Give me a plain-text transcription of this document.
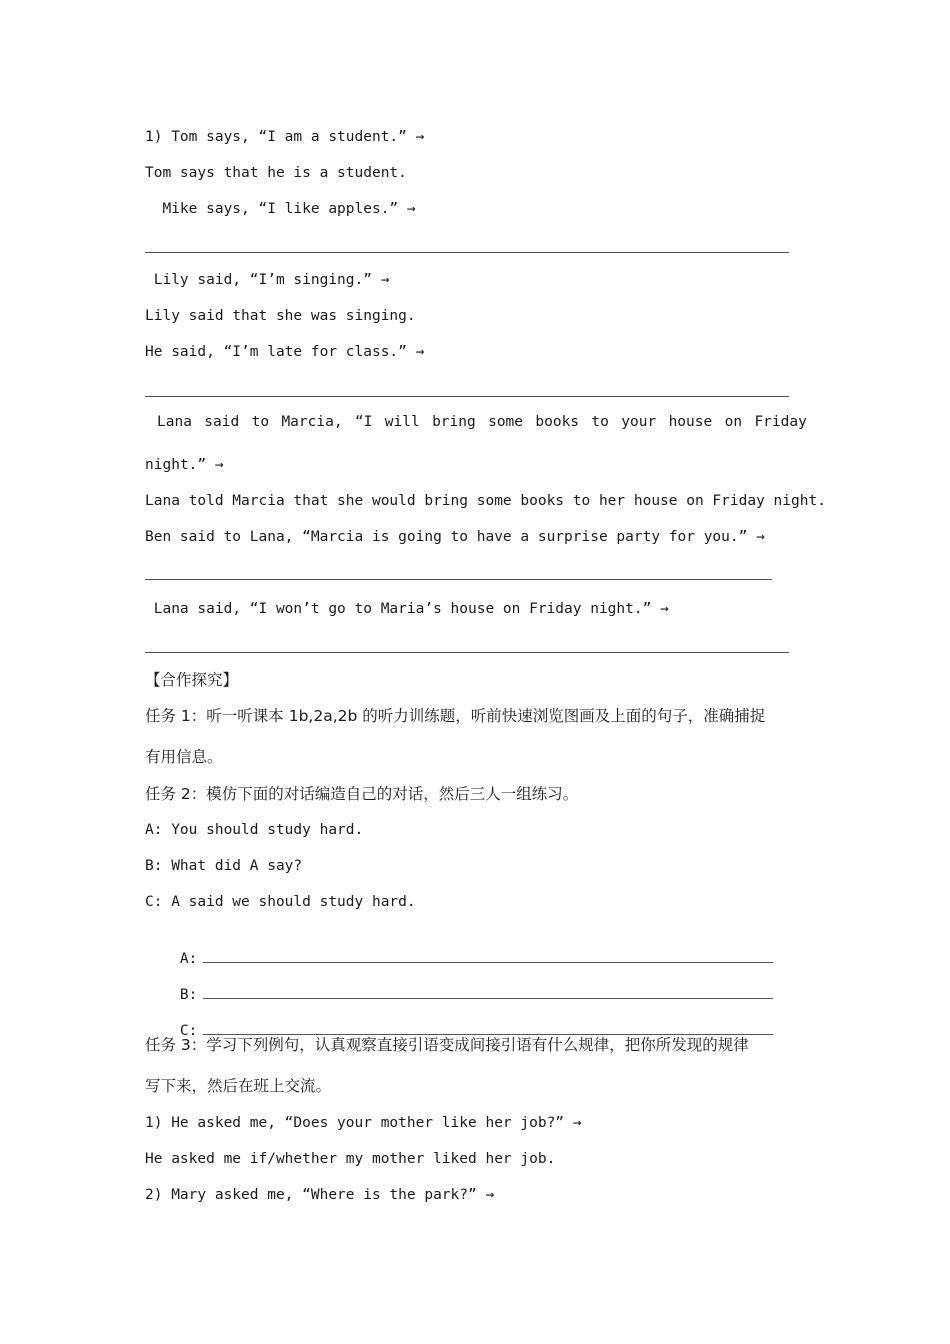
1) Tom says, “I am a student.” →
Tom says that he is a student.
Mike says, “I like apples.” →
Lily said, “I’m singing.” →
Lily said that she was singing.
He said, “I’m late for class.” →
Lana said to Marcia, “I will bring some books to your house on Friday
night.” →
Lana told Marcia that she would bring some books to her house on Friday night.
Ben said to Lana, “Marcia is going to have a surprise party for you.” →
Lana said, “I won’t go to Maria’s house on Friday night.” →
【合作探究】
任务 1：听一听课本 1b,2a,2b 的听力训练题，听前快速浏览图画及上面的句子，准确捕捉
有用信息。
任务 2：模仿下面的对话编造自己的对话，然后三人一组练习。
A: You should study hard.
B: What did A say?
C: A said we should study hard.

A:

B:

C:

任务 3：学习下列例句，认真观察直接引语变成间接引语有什么规律，把你所发现的规律
写下来，然后在班上交流。
1) He asked me, “Does your mother like her job?” →
He asked me if/whether my mother liked her job.
2) Mary asked me, “Where is the park?” →
